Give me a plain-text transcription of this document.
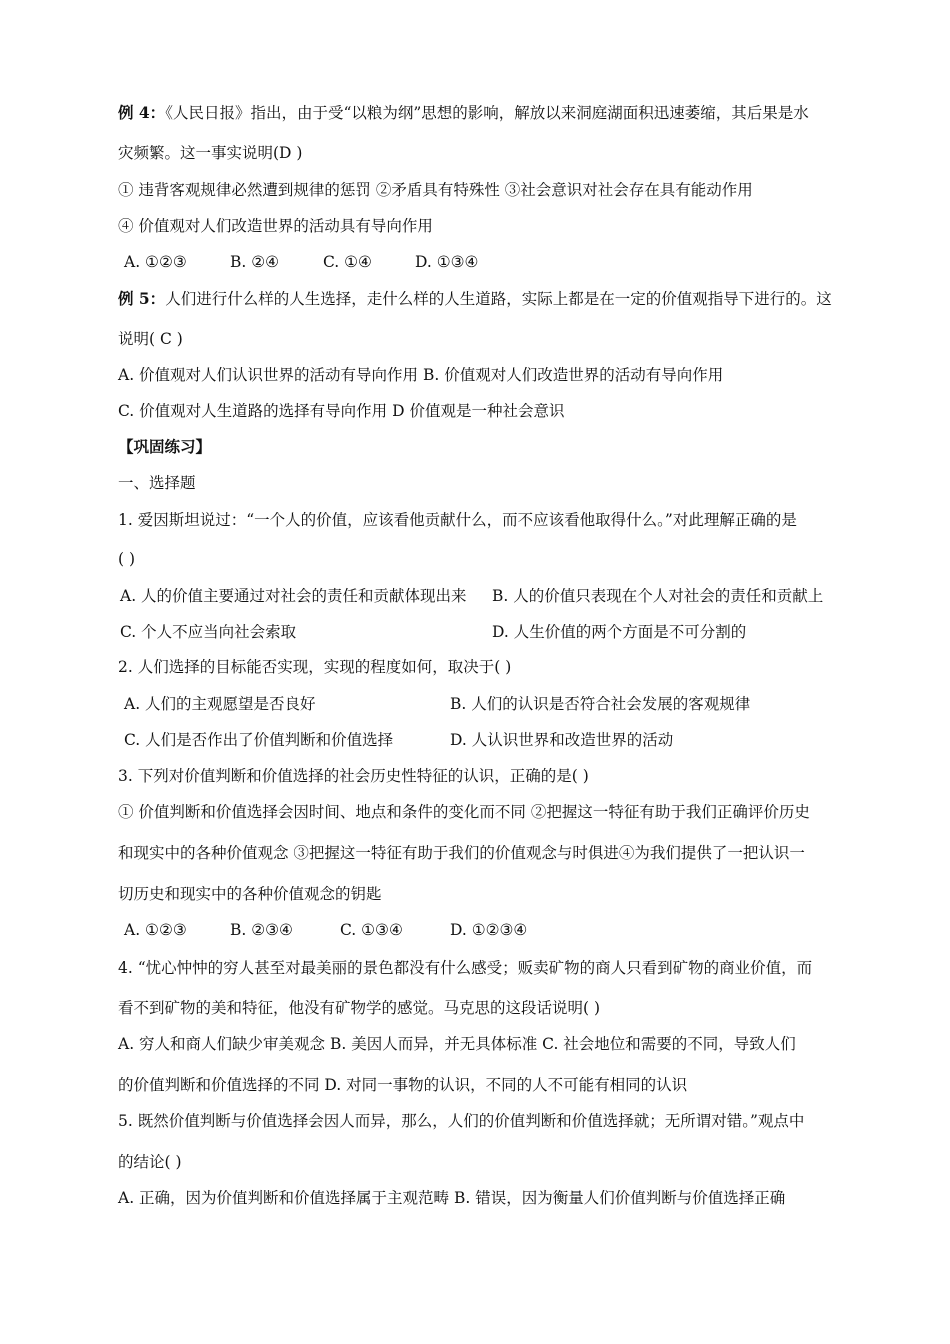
例 4：《人民日报》指出，由于受“以粮为纲”思想的影响，解放以来洞庭湖面积迅速萎缩，其后果是水
灾频繁。这一事实说明(D )
① 违背客观规律必然遭到规律的惩罚 ②矛盾具有特殊性 ③社会意识对社会存在具有能动作用
④ 价值观对人们改造世界的活动具有导向作用
A. ①②③	B. ②④	C. ①④	D. ①③④
例 5：人们进行什么样的人生选择，走什么样的人生道路，实际上都是在一定的价值观指导下进行的。这
说明( C )
A. 价值观对人们认识世界的活动有导向作用 B. 价值观对人们改造世界的活动有导向作用
C. 价值观对人生道路的选择有导向作用 D 价值观是一种社会意识
【巩固练习】
一、选择题
1. 爱因斯坦说过：“一个人的价值，应该看他贡献什么，而不应该看他取得什么。”对此理解正确的是
( )
A. 人的价值主要通过对社会的责任和贡献体现出来 B. 人的价值只表现在个人对社会的责任和贡献上
C. 个人不应当向社会索取	D. 人生价值的两个方面是不可分割的
2. 人们选择的目标能否实现，实现的程度如何，取决于( )
A. 人们的主观愿望是否良好	B. 人们的认识是否符合社会发展的客观规律
C. 人们是否作出了价值判断和价值选择	D. 人认识世界和改造世界的活动
3. 下列对价值判断和价值选择的社会历史性特征的认识，正确的是( )
① 价值判断和价值选择会因时间、地点和条件的变化而不同 ②把握这一特征有助于我们正确评价历史
和现实中的各种价值观念 ③把握这一特征有助于我们的价值观念与时俱进④为我们提供了一把认识一
切历史和现实中的各种价值观念的钥匙
A. ①②③	B. ②③④	C. ①③④	D. ①②③④
4. “忧心忡忡的穷人甚至对最美丽的景色都没有什么感受；贩卖矿物的商人只看到矿物的商业价值，而
看不到矿物的美和特征，他没有矿物学的感觉。马克思的这段话说明( )
A. 穷人和商人们缺少审美观念 B. 美因人而异，并无具体标准 C. 社会地位和需要的不同，导致人们
的价值判断和价值选择的不同 D. 对同一事物的认识，不同的人不可能有相同的认识
5. 既然价值判断与价值选择会因人而异，那么，人们的价值判断和价值选择就；无所谓对错。”观点中
的结论( )
A. 正确，因为价值判断和价值选择属于主观范畴 B. 错误，因为衡量人们价值判断与价值选择正确
